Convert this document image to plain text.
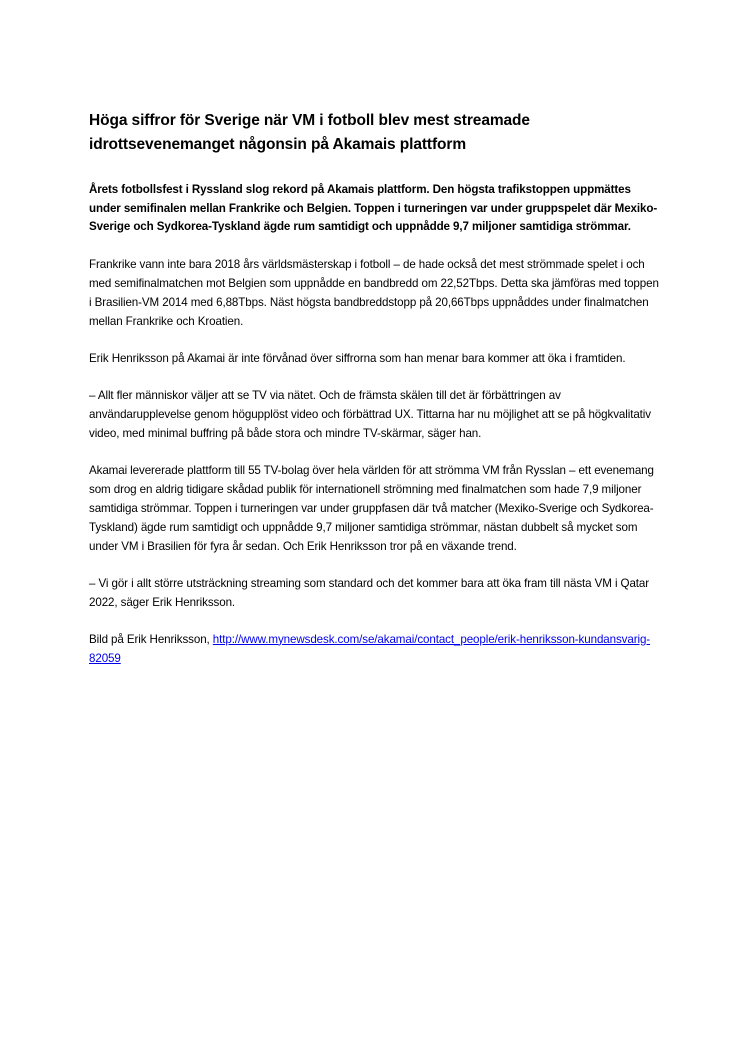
Höga siffror för Sverige när VM i fotboll blev mest streamade idrottsevenemanget någonsin på Akamais plattform

Årets fotbollsfest i Ryssland slog rekord på Akamais plattform. Den högsta trafikstoppen uppmättes under semifinalen mellan Frankrike och Belgien. Toppen i turneringen var under gruppspelet där Mexiko-Sverige och Sydkorea-Tyskland ägde rum samtidigt och uppnådde 9,7 miljoner samtidiga strömmar.

Frankrike vann inte bara 2018 års världsmästerskap i fotboll – de hade också det mest strömmade spelet i och med semifinalmatchen mot Belgien som uppnådde en bandbredd om 22,52Tbps. Detta ska jämföras med toppen i Brasilien-VM 2014 med 6,88Tbps. Näst högsta bandbreddstopp på 20,66Tbps uppnåddes under finalmatchen mellan Frankrike och Kroatien.

Erik Henriksson på Akamai är inte förvånad över siffrorna som han menar bara kommer att öka i framtiden.

– Allt fler människor väljer att se TV via nätet. Och de främsta skälen till det är förbättringen av användarupplevelse genom högupplöst video och förbättrad UX. Tittarna har nu möjlighet att se på högkvalitativ video, med minimal buffring på både stora och mindre TV-skärmar, säger han.

Akamai levererade plattform till 55 TV-bolag över hela världen för att strömma VM från Rysslan – ett evenemang som drog en aldrig tidigare skådad publik för internationell strömning med finalmatchen som hade 7,9 miljoner samtidiga strömmar. Toppen i turneringen var under gruppfasen där två matcher (Mexiko-Sverige och Sydkorea-Tyskland) ägde rum samtidigt och uppnådde 9,7 miljoner samtidiga strömmar, nästan dubbelt så mycket som under VM i Brasilien för fyra år sedan. Och Erik Henriksson tror på en växande trend.

– Vi gör i allt större utsträckning streaming som standard och det kommer bara att öka fram till nästa VM i Qatar 2022, säger Erik Henriksson.

Bild på Erik Henriksson, http://www.mynewsdesk.com/se/akamai/contact_people/erik-henriksson-kundansvarig-82059
